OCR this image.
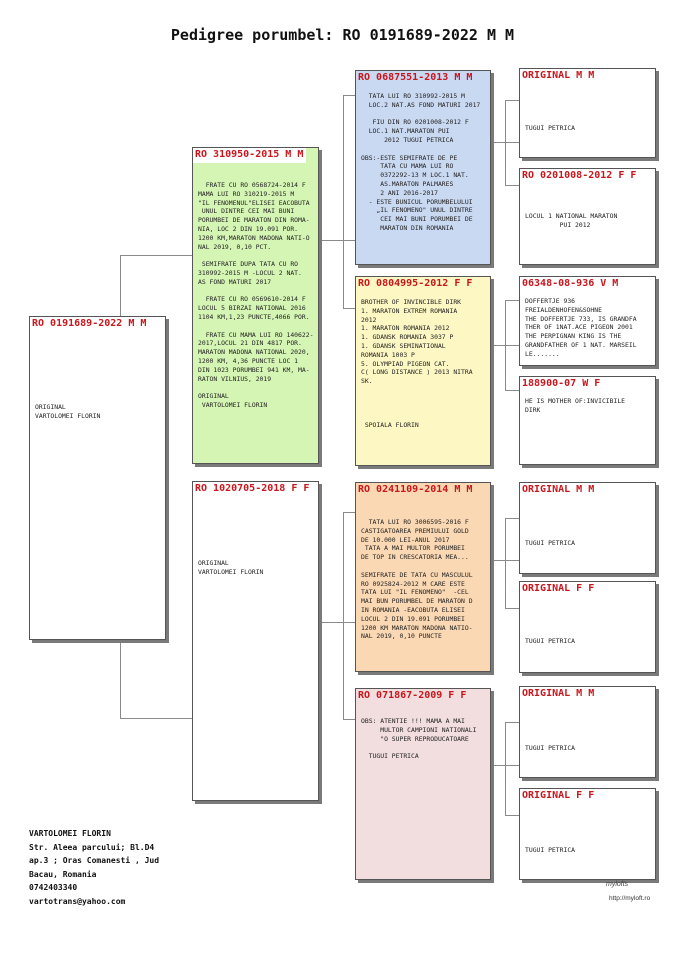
Pedigree porumbel: RO 0191689-2022 M M
RO 0191689-2022 M M
ORIGINAL
VARTOLOMEI FLORIN
RO 310950-2015 M M
FRATE CU RO 0568724-2014 F
MAMA LUI RO 310219-2015 M
"IL FENOMENUL"ELISEI EACOBUTA
UNUL DINTRE CEI MAI BUNI
PORUMBEI DE MARATON DIN ROMA-
NIA, LOC 2 DIN 19.091 POR.
1200 KM,MARATON MADONA NATI-O
NAL 2019, 0,10 PCT.

SEMIFRATE DUPA TATA CU RO
310992-2015 M -LOCUL 2 NAT.
AS FOND MATURI 2017

FRATE CU RO 0569610-2014 F
LOCUL 5 BIRZAI NATIONAL 2016
1104 KM,1,23 PUNCTE,4066 POR.

FRATE CU MAMA LUI RO 140622-
2017,LOCUL 21 DIN 4817 POR.
MARATON MADONA NATIONAL 2020,
1200 KM, 4,36 PUNCTE LOC 1
DIN 1023 PORUMBEI 941 KM, MA-
RATON VILNIUS, 2019

ORIGINAL
VARTOLOMEI FLORIN
RO 1020705-2018 F F
ORIGINAL
VARTOLOMEI FLORIN
RO 0687551-2013 M M
TATA LUI RO 310992-2015 M
LOC.2 NAT.AS FOND MATURI 2017

FIU DIN RO 0201008-2012 F
LOC.1 NAT.MARATON PUI
2012 TUGUI PETRICA

OBS:-ESTE SEMIFRATE DE PE
TATA CU MAMA LUI RO
0372292-13 M LOC.1 NAT.
AS.MARATON PALMARES
2 ANI 2016-2017
- ESTE BUNICUL PORUMBELULUI
„IL FENOMENO" UNUL DINTRE
CEI MAI BUNI PORUMBEI DE
MARATON DIN ROMANIA
RO 0804995-2012 F F
BROTHER OF INVINCIBLE DIRK
1. MARATON EXTREM ROMANIA
2012
1. MARATON ROMANIA 2012
1. GDANSK ROMANIA 3037 P
1. GDANSK SEMINATIONAL
ROMANIA 1003 P
5. OLYMPIAD PIGEON CAT.
C( LONG DISTANCE ) 2013 NITRA
SK.

SPOIALA FLORIN
RO 0241109-2014 M M
TATA LUI RO 3006595-2016 F
CASTIGATOAREA PREMIULUI GOLD
DE 10.000 LEI-ANUL 2017
TATA A MAI MULTOR PORUMBEI
DE TOP IN CRESCATORIA MEA...

SEMIFRATE DE TATA CU MASCULUL
RO 0925824-2012 M CARE ESTE
TATA LUI "IL FENOMENO"  -CEL
MAI BUN PORUMBEL DE MARATON D
IN ROMANIA -EACOBUTA ELISEI
LOCUL 2 DIN 19.091 PORUMBEI
1200 KM MARATON MADONA NATIO-
NAL 2019, 0,10 PUNCTE
RO 071867-2009 F F
OBS: ATENTIE !!! MAMA A MAI
MULTOR CAMPIONI NATIONALI
"O SUPER REPRODUCATOARE

TUGUI PETRICA
ORIGINAL M M
TUGUI PETRICA
RO 0201008-2012 F F
LOCUL 1 NATIONAL MARATON
PUI 2012
06348-08-936 V M
DOFFERTJE 936
FREIALDENHOFEN&SOHNE
THE DOFFERTJE 733, IS GRANDFA
THER OF 1NAT.ACE PIGEON 2001
THE PERPIGNAN KING IS THE
GRANDFATHER OF 1 NAT. MARSEIL
LE.......
188900-07 W F
HE IS MOTHER OF:INVICIBILE
DIRK
ORIGINAL M M
TUGUI PETRICA
ORIGINAL F F
TUGUI PETRICA
ORIGINAL M M
TUGUI PETRICA
ORIGINAL F F
TUGUI PETRICA
VARTOLOMEI FLORIN
Str. Aleea parcului; Bl.D4
ap.3 ; Oras Comanesti , Jud
Bacau, Romania
0742403340
vartotrans@yahoo.com
mylofts
http://myloft.ro
